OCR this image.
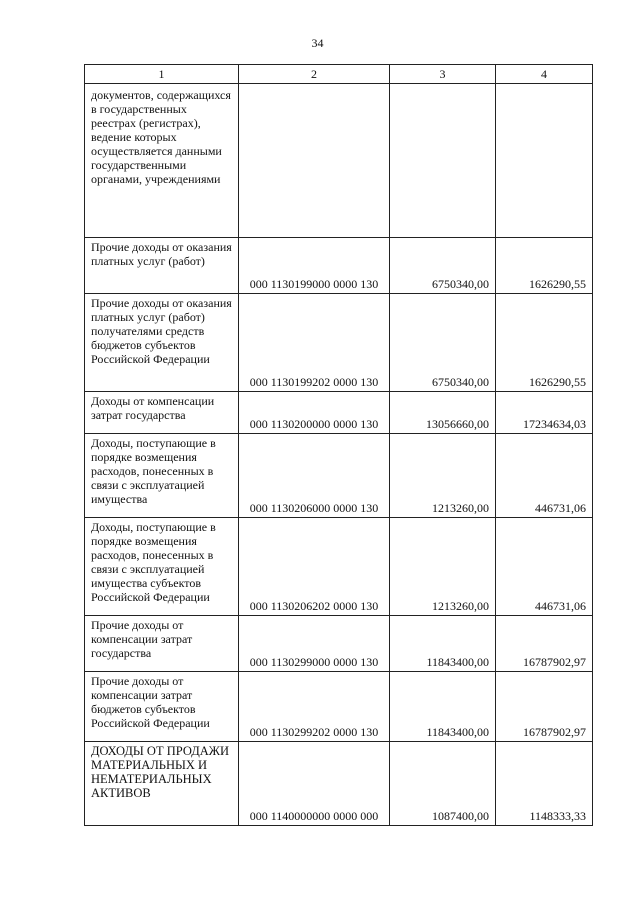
34
1	2	3	4
документов, содержащихся в государственных реестрах (регистрах), ведение которых осуществляется данными государственными органами, учреждениями			
Прочие доходы от оказания платных услуг (работ)	000 1130199000 0000 130	6750340,00	1626290,55
Прочие доходы от оказания платных услуг (работ) получателями средств бюджетов субъектов Российской Федерации	000 1130199202 0000 130	6750340,00	1626290,55
Доходы от компенсации затрат государства	000 1130200000 0000 130	13056660,00	17234634,03
Доходы, поступающие в порядке возмещения расходов, понесенных в связи с эксплуатацией имущества	000 1130206000 0000 130	1213260,00	446731,06
Доходы, поступающие в порядке возмещения расходов, понесенных в связи с эксплуатацией имущества субъектов Российской Федерации	000 1130206202 0000 130	1213260,00	446731,06
Прочие доходы от компенсации затрат государства	000 1130299000 0000 130	11843400,00	16787902,97
Прочие доходы от компенсации затрат бюджетов субъектов Российской Федерации	000 1130299202 0000 130	11843400,00	16787902,97
ДОХОДЫ ОТ ПРОДАЖИ МАТЕРИАЛЬНЫХ И НЕМАТЕРИАЛЬНЫХ АКТИВОВ	000 1140000000 0000 000	1087400,00	1148333,33
